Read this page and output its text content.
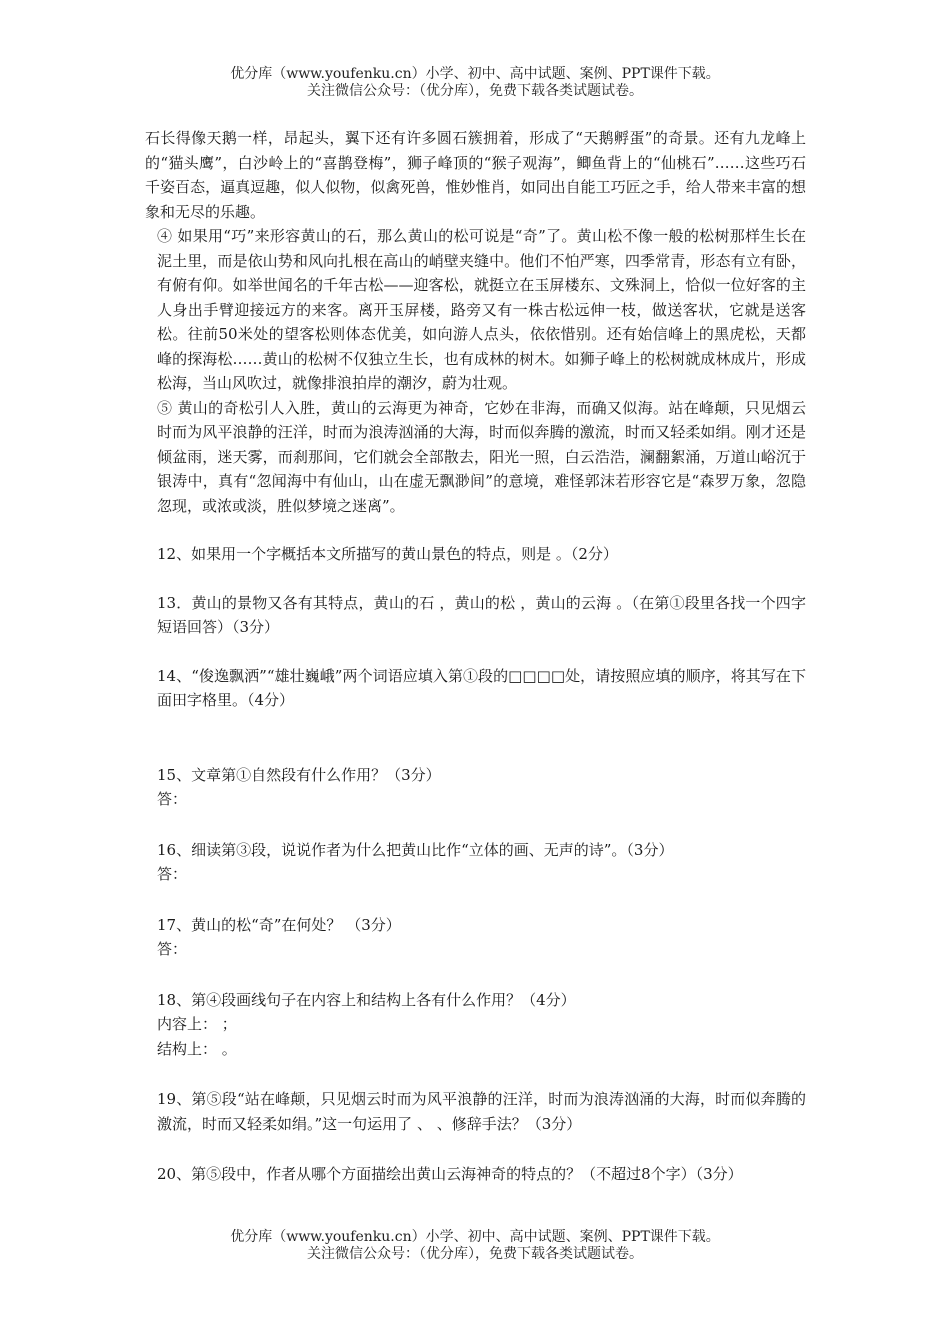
优分库（www.youfenku.cn）小学、初中、高中试题、案例、PPT课件下载。
关注微信公众号：（优分库），免费下载各类试题试卷。

石长得像天鹅一样，昂起头，翼下还有许多圆石簇拥着，形成了“天鹅孵蛋”的奇景。还有九龙峰上的“猫头鹰”，白沙岭上的“喜鹊登梅”，狮子峰顶的“猴子观海”，鲫鱼背上的“仙桃石”……这些巧石千姿百态，逼真逗趣，似人似物，似禽死兽，惟妙惟肖，如同出自能工巧匠之手，给人带来丰富的想象和无尽的乐趣。

④ 如果用“巧”来形容黄山的石，那么黄山的松可说是“奇”了。黄山松不像一般的松树那样生长在泥土里，而是依山势和风向扎根在高山的峭壁夹缝中。他们不怕严寒，四季常青，形态有立有卧，有俯有仰。如举世闻名的千年古松——迎客松，就挺立在玉屏楼东、文殊洞上，恰似一位好客的主人身出手臂迎接远方的来客。离开玉屏楼，路旁又有一株古松远伸一枝，做送客状，它就是送客松。往前50米处的望客松则体态优美，如向游人点头，依依惜别。还有始信峰上的黑虎松，天都峰的探海松……黄山的松树不仅独立生长，也有成林的树木。如狮子峰上的松树就成林成片，形成松海，当山风吹过，就像排浪拍岸的潮汐，蔚为壮观。

⑤ 黄山的奇松引人入胜，黄山的云海更为神奇，它妙在非海，而确又似海。站在峰颠，只见烟云时而为风平浪静的汪洋，时而为浪涛汹涌的大海，时而似奔腾的激流，时而又轻柔如绢。刚才还是倾盆雨，迷天雾，而刹那间，它们就会全部散去，阳光一照，白云浩浩，澜翻絮涌，万道山峪沉于银涛中，真有“忽闻海中有仙山，山在虚无飘渺间”的意境，难怪郭沫若形容它是“森罗万象，忽隐忽现，或浓或淡，胜似梦境之迷离”。

12、如果用一个字概括本文所描写的黄山景色的特点，则是 。（2分）

13．黄山的景物又各有其特点，黄山的石 ，黄山的松 ，黄山的云海 。（在第①段里各找一个四字短语回答）（3分）

14、“俊逸飘洒”“雄壮巍峨”两个词语应填入第①段的□□□□处，请按照应填的顺序，将其写在下面田字格里。（4分）

15、文章第①自然段有什么作用？（3分）

答：

16、细读第③段，说说作者为什么把黄山比作“立体的画、无声的诗”。（3分）

答：

17、黄山的松“奇”在何处？ （3分）

答：

18、第④段画线句子在内容上和结构上各有什么作用？（4分）

内容上： ；

结构上： 。

19、第⑤段“站在峰颠，只见烟云时而为风平浪静的汪洋，时而为浪涛汹涌的大海，时而似奔腾的激流，时而又轻柔如绢。”这一句运用了 、 、修辞手法？（3分）

20、第⑤段中，作者从哪个方面描绘出黄山云海神奇的特点的？（不超过8个字）（3分）

优分库（www.youfenku.cn）小学、初中、高中试题、案例、PPT课件下载。
关注微信公众号：（优分库），免费下载各类试题试卷。
